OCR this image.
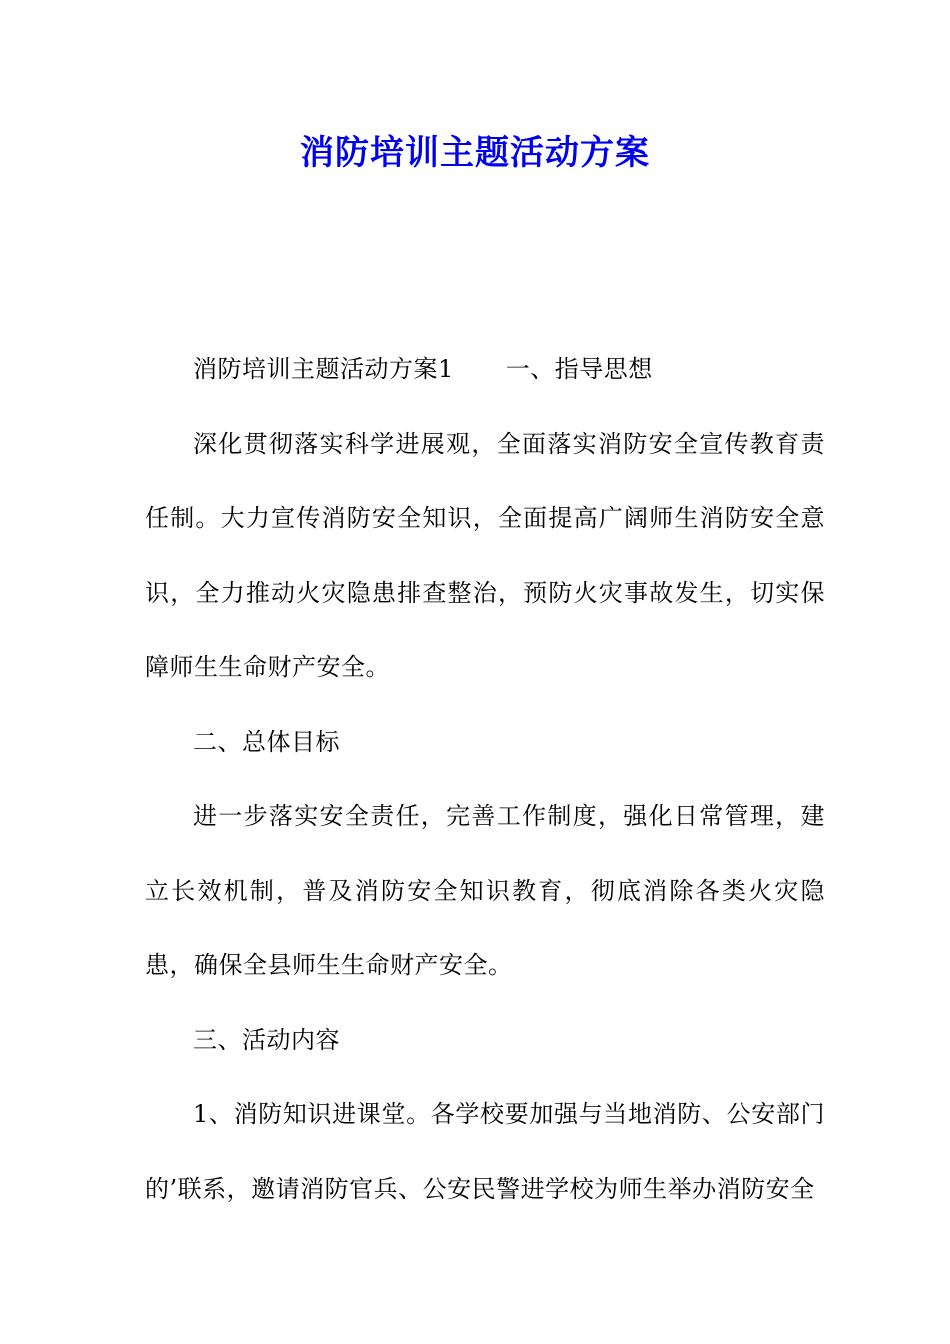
消防培训主题活动方案

消防培训主题活动方案1 一、指导思想

深化贯彻落实科学进展观，全面落实消防安全宣传教育责任制。大力宣传消防安全知识，全面提高广阔师生消防安全意识，全力推动火灾隐患排查整治，预防火灾事故发生，切实保障师生生命财产安全。

二、总体目标

进一步落实安全责任，完善工作制度，强化日常管理，建立长效机制，普及消防安全知识教育，彻底消除各类火灾隐患，确保全县师生生命财产安全。

三、活动内容

1、消防知识进课堂。各学校要加强与当地消防、公安部门的’联系，邀请消防官兵、公安民警进学校为师生举办消防安全
